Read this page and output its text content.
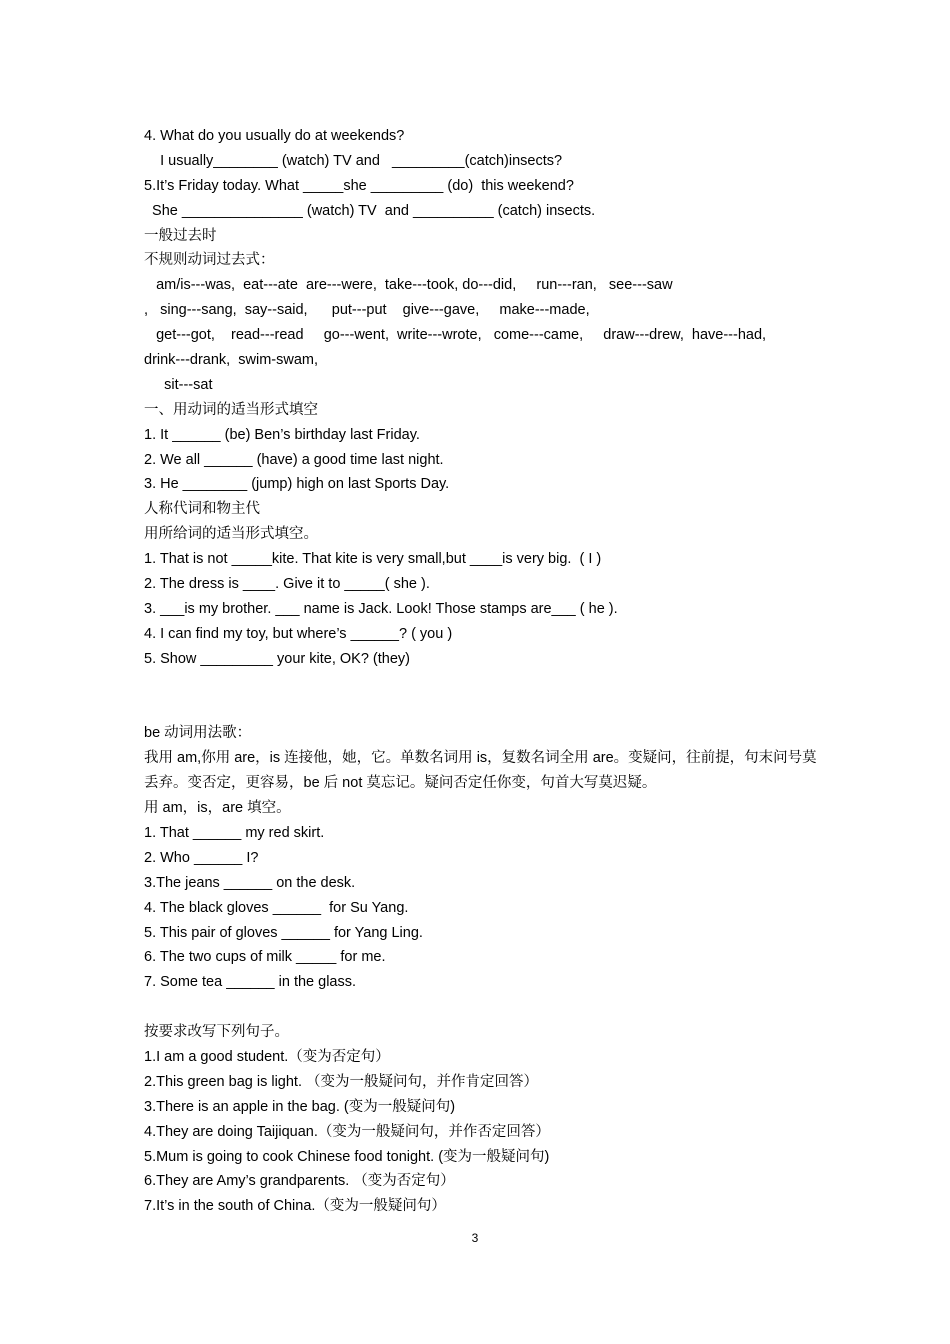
4. What do you usually do at weekends?
I usually________ (watch) TV and   _________(catch)insects?
5.It’s Friday today. What _____she _________ (do)  this weekend?
She _______________ (watch) TV  and __________ (catch) insects.
一般过去时
不规则动词过去式：
am/is---was,  eat---ate  are---were,  take---took, do---did,     run---ran,   see---saw
,   sing---sang,  say--said,      put---put    give---gave,     make---made,
get---got,    read---read     go---went,  write---wrote,   come---came,     draw---drew,  have---had,
drink---drank,  swim-swam,
sit---sat
一、用动词的适当形式填空
1. It ______ (be) Ben’s birthday last Friday.
2. We all ______ (have) a good time last night.
3. He ________ (jump) high on last Sports Day.
人称代词和物主代
用所给词的适当形式填空。
1. That is not _____kite. That kite is very small,but ____is very big.  ( I )
2. The dress is ____. Give it to _____( she ).
3. ___is my brother. ___ name is Jack. Look! Those stamps are___ ( he ).
4. I can find my toy, but where’s ______? ( you )
5. Show _________ your kite, OK? (they)
be 动词用法歌：
我用 am,你用 are，is 连接他，她，它。单数名词用 is，复数名词全用 are。变疑问，往前提，句末问号莫丢弃。变否定，更容易，be 后 not 莫忘记。疑问否定任你变，句首大写莫迟疑。
用 am，is，are 填空。
1. That ______ my red skirt.
2. Who ______ I?
3.The jeans ______ on the desk.
4. The black gloves ______  for Su Yang.
5. This pair of gloves ______ for Yang Ling.
6. The two cups of milk _____ for me.
7. Some tea ______ in the glass.
按要求改写下列句子。
1.I am a good student.（变为否定句）
2.This green bag is light. （变为一般疑问句，并作肯定回答）
3.There is an apple in the bag. (变为一般疑问句)
4.They are doing Taijiquan.（变为一般疑问句，并作否定回答）
5.Mum is going to cook Chinese food tonight. (变为一般疑问句)
6.They are Amy’s grandparents. （变为否定句）
7.It’s in the south of China.（变为一般疑问句）
3
